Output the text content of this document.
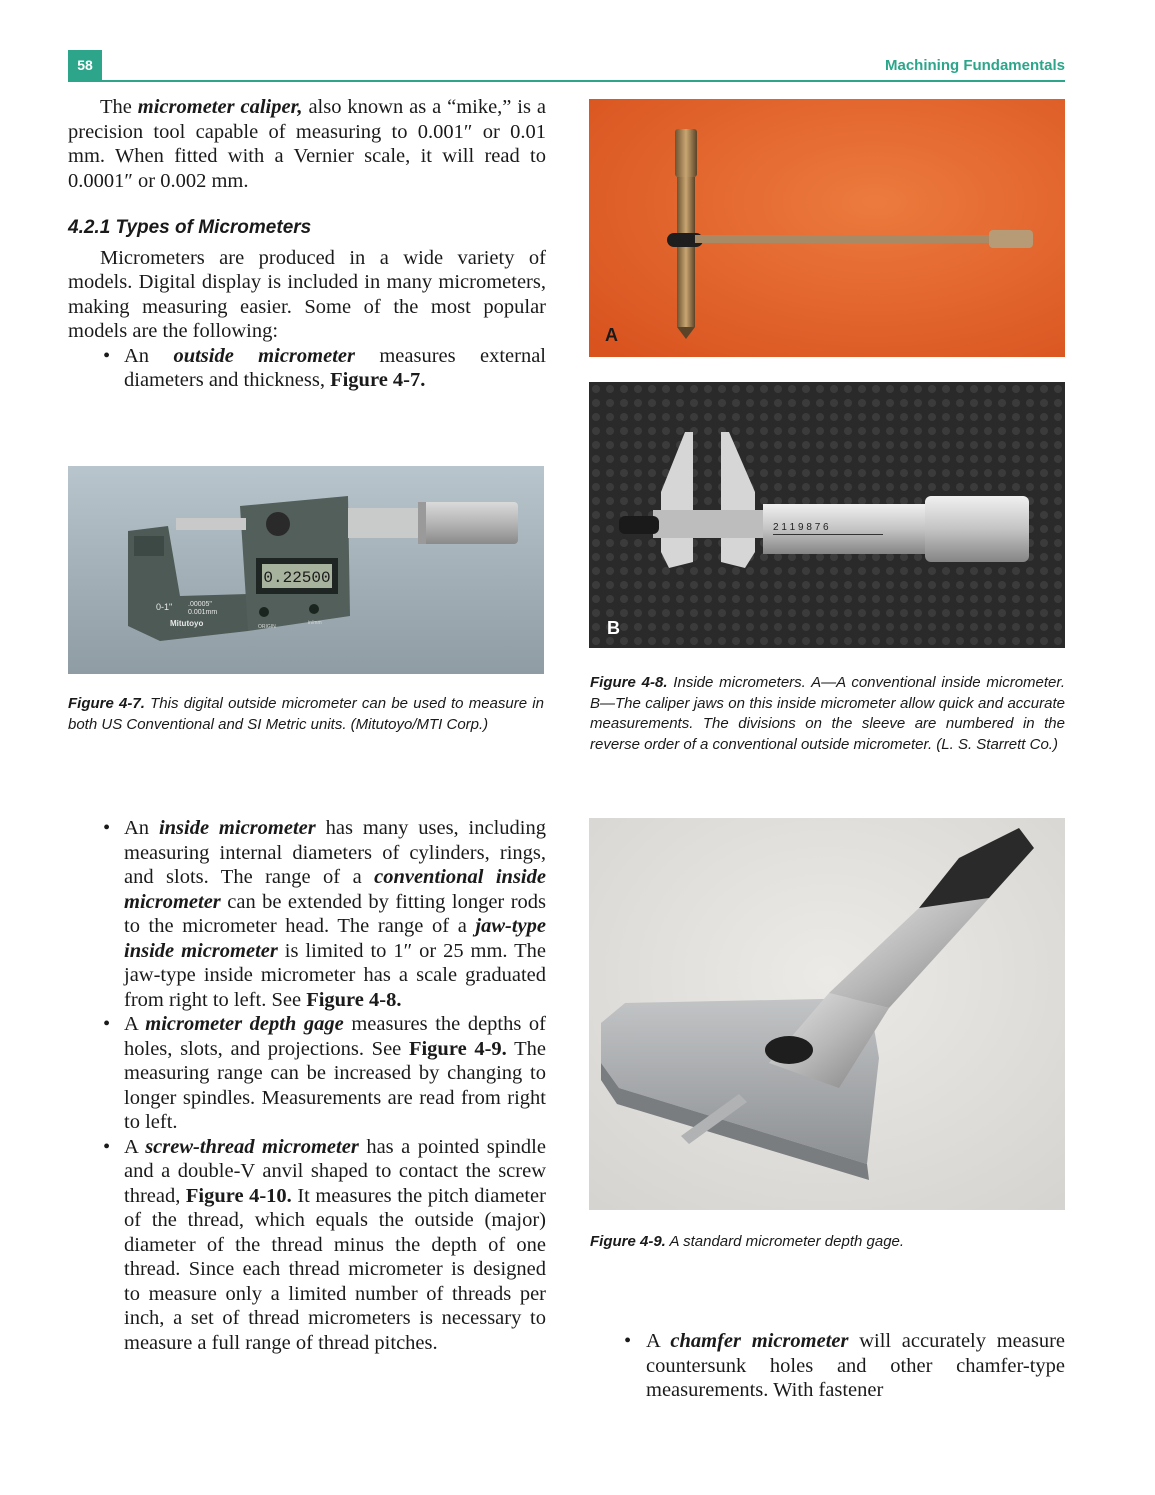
58	Machining Fundamentals

The micrometer caliper, also known as a “mike,” is a precision tool capable of measuring to 0.001″ or 0.01 mm. When fitted with a Vernier scale, it will read to 0.0001″ or 0.002 mm.

4.2.1 Types of Micrometers

Micrometers are produced in a wide variety of models. Digital display is included in many micrometers, making measuring easier. Some of the most popular models are the following:

• An outside micrometer measures external diameters and thickness, Figure 4-7.
0.22500
0-1" .00005"
0.001mm
Mitutoyo	ORIGIN
in/mm
Figure 4-7. This digital outside micrometer can be used to measure in both US Conventional and SI Metric units. (Mitutoyo/MTI Corp.)
• An inside micrometer has many uses, including measuring internal diameters of cylinders, rings, and slots. The range of a conventional inside micrometer can be extended by fitting longer rods to the micrometer head. The range of a jaw-type inside micrometer is limited to 1″ or 25 mm. The jaw-type inside micrometer has a scale graduated from right to left. See Figure 4-8.
• A micrometer depth gage measures the depths of holes, slots, and projections. See Figure 4-9. The measuring range can be increased by changing to longer spindles. Measurements are read from right to left.
• A screw-thread micrometer has a pointed spindle and a double-V anvil shaped to contact the screw thread, Figure 4-10. It measures the pitch diameter of the thread, which equals the outside (major) diameter of the thread minus the depth of one thread. Since each thread micrometer is designed to measure only a limited number of threads per inch, a set of thread micrometers is necessary to measure a full range of thread pitches.
A
2 1 1 9 8 7 6
B
Figure 4-8. Inside micrometers. A—A conventional inside micrometer. B—The caliper jaws on this inside micrometer allow quick and accurate measurements. The divisions on the sleeve are numbered in the reverse order of a conventional outside micrometer. (L. S. Starrett Co.)
Figure 4-9. A standard micrometer depth gage.
• A chamfer micrometer will accurately measure countersunk holes and other chamfer-type measurements. With fastener
